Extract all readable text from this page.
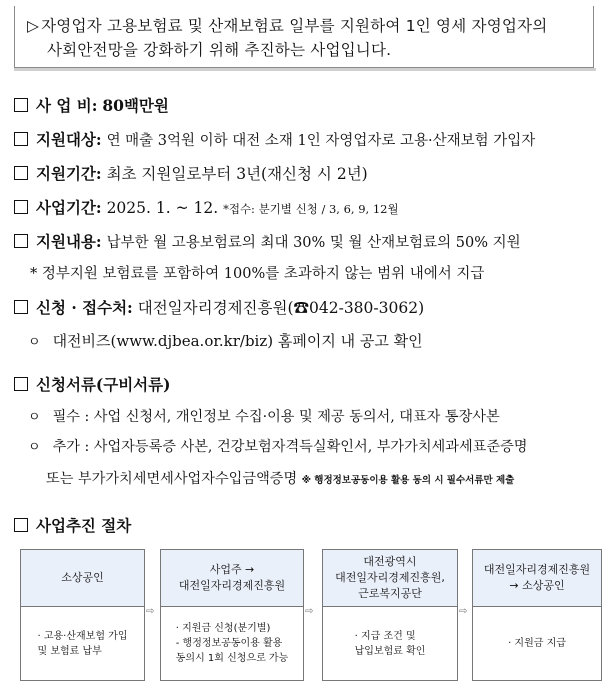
▷ 자영업자 고용보험료 및 산재보험료 일부를 지원하여 1인 영세 자영업자의
사회안전망을 강화하기 위해 추진하는 사업입니다.
사 업 비: 80백만원
지원대상: 연 매출 3억원 이하 대전 소재 1인 자영업자로 고용·산재보험 가입자
지원기간: 최초 지원일로부터 3년(재신청 시 2년)
사업기간: 2025. 1. ~ 12. *접수: 분기별 신청 / 3, 6, 9, 12월
지원내용: 납부한 월 고용보험료의 최대 30% 및 월 산재보험료의 50% 지원
* 정부지원 보험료를 포함하여 100%를 초과하지 않는 범위 내에서 지급
신청 · 접수처: 대전일자리경제진흥원(☎042-380-3062)
ㅇ 대전비즈(www.djbea.or.kr/biz) 홈페이지 내 공고 확인
신청서류(구비서류)
ㅇ 필수 : 사업 신청서, 개인정보 수집·이용 및 제공 동의서, 대표자 통장사본
ㅇ 추가 : 사업자등록증 사본, 건강보험자격득실확인서, 부가가치세과세표준증명
또는 부가가치세면세사업자수입금액증명 ※ 행정정보공동이용 활용 동의 시 필수서류만 제출
사업추진 절차
소상공인
· 고용·산재보험 가입
및 보험료 납부
⇨
사업주 →
대전일자리경제진흥원
· 지원금 신청(분기별)
- 행정정보공동이용 활용
동의시 1회 신청으로 가능
⇨
대전광역시
대전일자리경제진흥원,
근로복지공단
· 지급 조건 및
납입보험료 확인
⇨
대전일자리경제진흥원
→ 소상공인
· 지원금 지급
